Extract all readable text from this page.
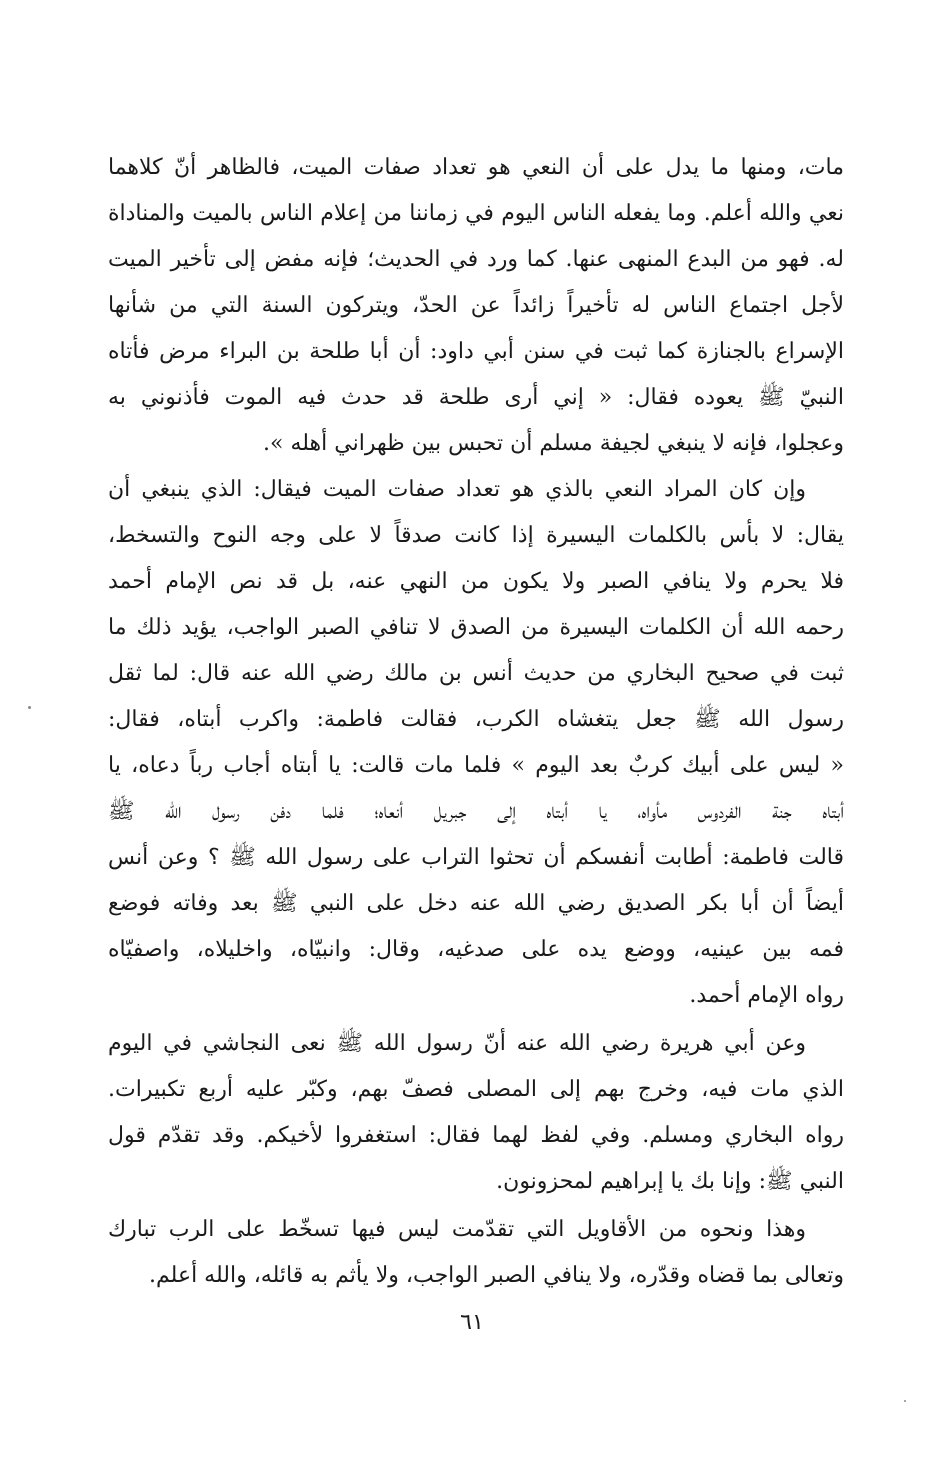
مات، ومنها ما يدل على أن النعي هو تعداد صفات الميت، فالظاهر أنّ كلاهما
نعي والله أعلم. وما يفعله الناس اليوم في زماننا من إعلام الناس بالميت والمناداة
له. فهو من البدع المنهى عنها. كما ورد في الحديث؛ فإنه مفض إلى تأخير الميت
لأجل اجتماع الناس له تأخيراً زائداً عن الحدّ، ويتركون السنة التي من شأنها
الإسراع بالجنازة كما ثبت في سنن أبي داود: أن أبا طلحة بن البراء مرض فأتاه
النبيّ ﷺ يعوده فقال: « إني أرى طلحة قد حدث فيه الموت فأذنوني به
وعجلوا، فإنه لا ينبغي لجيفة مسلم أن تحبس بين ظهراني أهله ».
وإن كان المراد النعي بالذي هو تعداد صفات الميت فيقال: الذي ينبغي أن
يقال: لا بأس بالكلمات اليسيرة إذا كانت صدقاً لا على وجه النوح والتسخط،
فلا يحرم ولا ينافي الصبر ولا يكون من النهي عنه، بل قد نص الإمام أحمد
رحمه الله أن الكلمات اليسيرة من الصدق لا تنافي الصبر الواجب، يؤيد ذلك ما
ثبت في صحيح البخاري من حديث أنس بن مالك رضي الله عنه قال: لما ثقل
رسول الله ﷺ جعل يتغشاه الكرب، فقالت فاطمة: واكرب أبتاه، فقال:
« ليس على أبيك كربٌ بعد اليوم » فلما مات قالت: يا أبتاه أجاب رباً دعاه، يا
أبتاه جنة الفردوس مأواه، يا أبتاه إلى جبريل أنعاه؛ فلما دفن رسول الله ﷺ
قالت فاطمة: أطابت أنفسكم أن تحثوا التراب على رسول الله ﷺ ؟ وعن أنس
أيضاً أن أبا بكر الصديق رضي الله عنه دخل على النبي ﷺ بعد وفاته فوضع
فمه بين عينيه، ووضع يده على صدغيه، وقال: وانبيّاه، واخليلاه، واصفيّاه
رواه الإمام أحمد.
وعن أبي هريرة رضي الله عنه أنّ رسول الله ﷺ نعى النجاشي في اليوم
الذي مات فيه، وخرج بهم إلى المصلى فصفّ بهم، وكبّر عليه أربع تكبيرات.
رواه البخاري ومسلم. وفي لفظ لهما فقال: استغفروا لأخيكم. وقد تقدّم قول
النبي ﷺ: وإنا بك يا إبراهيم لمحزونون.
وهذا ونحوه من الأقاويل التي تقدّمت ليس فيها تسخّط على الرب تبارك
وتعالى بما قضاه وقدّره، ولا ينافي الصبر الواجب، ولا يأثم به قائله، والله أعلم.
٦١
